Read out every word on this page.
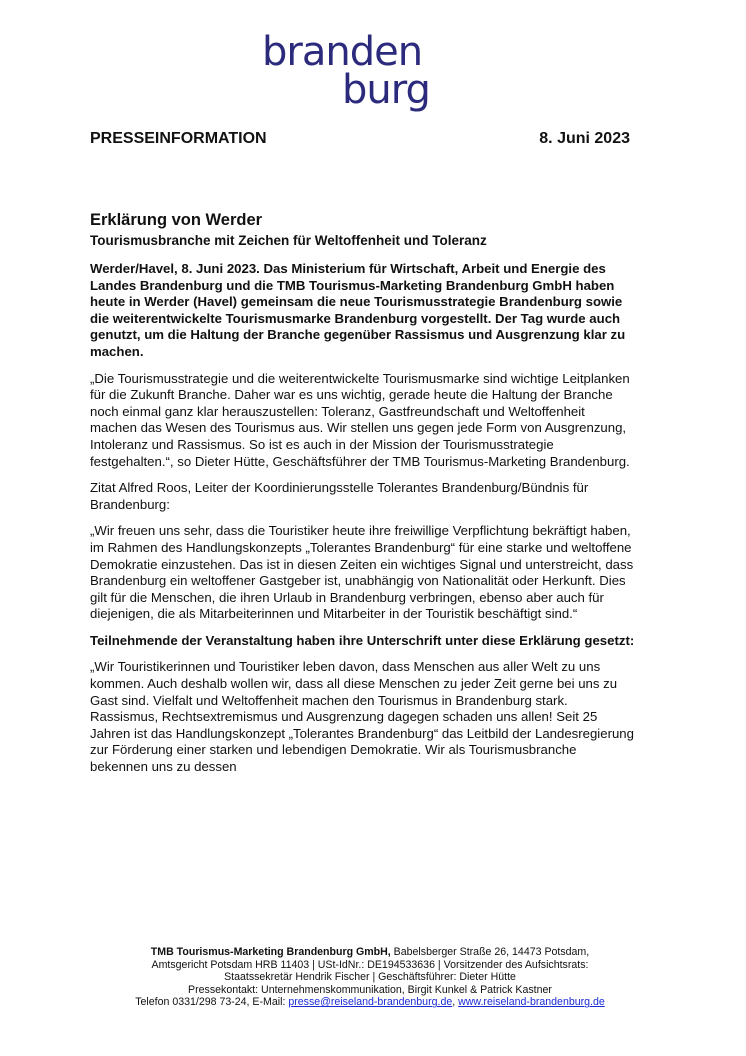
branden
burg
PRESSEINFORMATION	8. Juni 2023
Erklärung von Werder
Tourismusbranche mit Zeichen für Weltoffenheit und Toleranz

Werder/Havel, 8. Juni 2023. Das Ministerium für Wirtschaft, Arbeit und Energie des Landes Brandenburg und die TMB Tourismus-Marketing Brandenburg GmbH haben heute in Werder (Havel) gemeinsam die neue Tourismusstrategie Brandenburg sowie die weiterentwickelte Tourismusmarke Brandenburg vorgestellt. Der Tag wurde auch genutzt, um die Haltung der Branche gegenüber Rassismus und Ausgrenzung klar zu machen.

„Die Tourismusstrategie und die weiterentwickelte Tourismusmarke sind wichtige Leitplanken für die Zukunft Branche. Daher war es uns wichtig, gerade heute die Haltung der Branche noch einmal ganz klar herauszustellen: Toleranz, Gastfreundschaft und Weltoffenheit machen das Wesen des Tourismus aus. Wir stellen uns gegen jede Form von Ausgrenzung, Intoleranz und Rassismus. So ist es auch in der Mission der Tourismusstrategie festgehalten.“, so Dieter Hütte, Geschäftsführer der TMB Tourismus-Marketing Brandenburg.

Zitat Alfred Roos, Leiter der Koordinierungsstelle Tolerantes Brandenburg/Bündnis für Brandenburg:

„Wir freuen uns sehr, dass die Touristiker heute ihre freiwillige Verpflichtung bekräftigt haben, im Rahmen des Handlungskonzepts „Tolerantes Brandenburg“ für eine starke und weltoffene Demokratie einzustehen. Das ist in diesen Zeiten ein wichtiges Signal und unterstreicht, dass Brandenburg ein weltoffener Gastgeber ist, unabhängig von Nationalität oder Herkunft. Dies gilt für die Menschen, die ihren Urlaub in Brandenburg verbringen, ebenso aber auch für diejenigen, die als Mitarbeiterinnen und Mitarbeiter in der Touristik beschäftigt sind.“

Teilnehmende der Veranstaltung haben ihre Unterschrift unter diese Erklärung gesetzt:

„Wir Touristikerinnen und Touristiker leben davon, dass Menschen aus aller Welt zu uns kommen. Auch deshalb wollen wir, dass all diese Menschen zu jeder Zeit gerne bei uns zu Gast sind. Vielfalt und Weltoffenheit machen den Tourismus in Brandenburg stark. Rassismus, Rechtsextremismus und Ausgrenzung dagegen schaden uns allen! Seit 25 Jahren ist das Handlungskonzept „Tolerantes Brandenburg“ das Leitbild der Landesregierung zur Förderung einer starken und lebendigen Demokratie. Wir als Tourismusbranche bekennen uns zu dessen

TMB Tourismus-Marketing Brandenburg GmbH, Babelsberger Straße 26, 14473 Potsdam,
Amtsgericht Potsdam HRB 11403 | USt-IdNr.: DE194533636 | Vorsitzender des Aufsichtsrats:
Staatssekretär Hendrik Fischer | Geschäftsführer: Dieter Hütte
Pressekontakt: Unternehmenskommunikation, Birgit Kunkel & Patrick Kastner
Telefon 0331/298 73-24, E-Mail: presse@reiseland-brandenburg.de, www.reiseland-brandenburg.de
